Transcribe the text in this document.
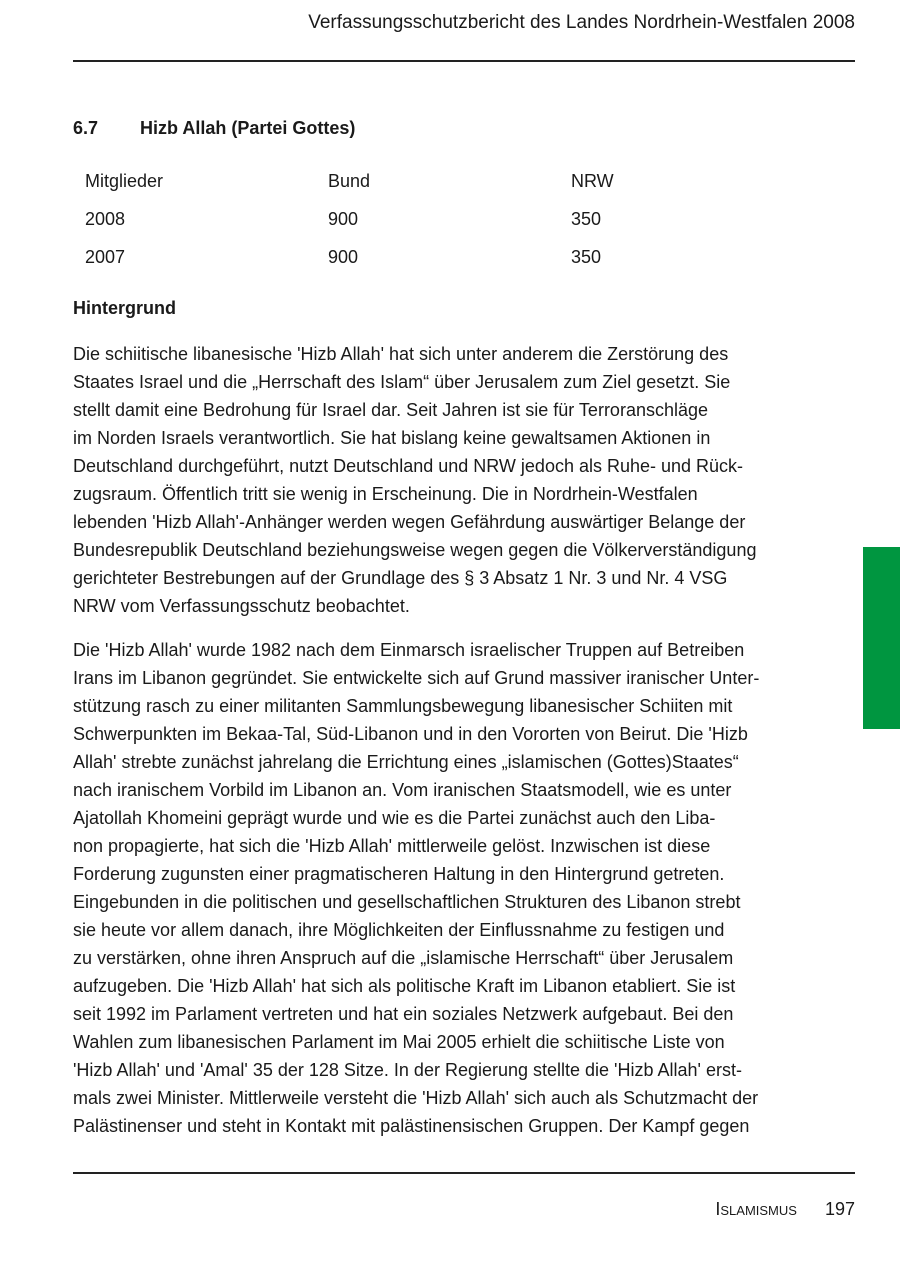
Verfassungsschutzbericht des Landes Nordrhein-Westfalen 2008
6.7 Hizb Allah (Partei Gottes)
Mitglieder	Bund	NRW
2008	900	350
2007	900	350
Hintergrund
Die schiitische libanesische 'Hizb Allah' hat sich unter anderem die Zerstörung des
Staates Israel und die „Herrschaft des Islam“ über Jerusalem zum Ziel gesetzt. Sie
stellt damit eine Bedrohung für Israel dar. Seit Jahren ist sie für Terroranschläge
im Norden Israels verantwortlich. Sie hat bislang keine gewaltsamen Aktionen in
Deutschland durchgeführt, nutzt Deutschland und NRW jedoch als Ruhe- und Rück-
zugsraum. Öffentlich tritt sie wenig in Erscheinung. Die in Nordrhein-Westfalen
lebenden 'Hizb Allah'-Anhänger werden wegen Gefährdung auswärtiger Belange der
Bundesrepublik Deutschland beziehungsweise wegen gegen die Völkerverständigung
gerichteter Bestrebungen auf der Grundlage des § 3 Absatz 1 Nr. 3 und Nr. 4 VSG
NRW vom Verfassungsschutz beobachtet.
Die 'Hizb Allah' wurde 1982 nach dem Einmarsch israelischer Truppen auf Betreiben
Irans im Libanon gegründet. Sie entwickelte sich auf Grund massiver iranischer Unter-
stützung rasch zu einer militanten Sammlungsbewegung libanesischer Schiiten mit
Schwerpunkten im Bekaa-Tal, Süd-Libanon und in den Vororten von Beirut. Die 'Hizb
Allah' strebte zunächst jahrelang die Errichtung eines „islamischen (Gottes)Staates“
nach iranischem Vorbild im Libanon an. Vom iranischen Staatsmodell, wie es unter
Ajatollah Khomeini geprägt wurde und wie es die Partei zunächst auch den Liba-
non propagierte, hat sich die 'Hizb Allah' mittlerweile gelöst. Inzwischen ist diese
Forderung zugunsten einer pragmatischeren Haltung in den Hintergrund getreten.
Eingebunden in die politischen und gesellschaftlichen Strukturen des Libanon strebt
sie heute vor allem danach, ihre Möglichkeiten der Einflussnahme zu festigen und
zu verstärken, ohne ihren Anspruch auf die „islamische Herrschaft“ über Jerusalem
aufzugeben. Die 'Hizb Allah' hat sich als politische Kraft im Libanon etabliert. Sie ist
seit 1992 im Parlament vertreten und hat ein soziales Netzwerk aufgebaut. Bei den
Wahlen zum libanesischen Parlament im Mai 2005 erhielt die schiitische Liste von
'Hizb Allah' und 'Amal' 35 der 128 Sitze. In der Regierung stellte die 'Hizb Allah' erst-
mals zwei Minister. Mittlerweile versteht die 'Hizb Allah' sich auch als Schutzmacht der
Palästinenser und steht in Kontakt mit palästinensischen Gruppen. Der Kampf gegen
Islamismus 197
